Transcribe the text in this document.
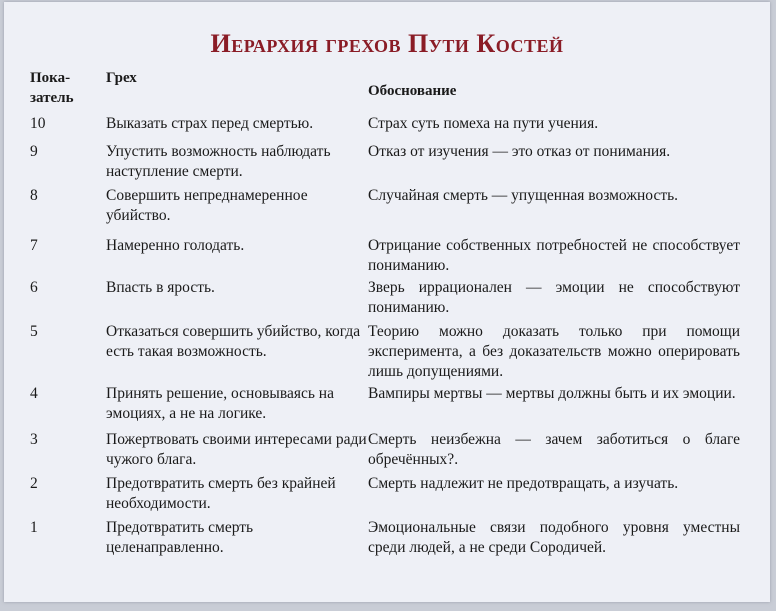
Иерархия грехов Пути Костей
Пока-
затель	Грех	Обоснование
10	Выказать страх перед смертью.	Страх суть помеха на пути учения.
9	Упустить возможность наблюдать наступление смерти.	Отказ от изучения — это отказ от понимания.
8	Совершить непреднамеренное убийство.	Случайная смерть — упущенная возможность.
7	Намеренно голодать.	Отрицание собственных потребностей не способствует пониманию.
6	Впасть в ярость.	Зверь иррационален — эмоции не способствуют пониманию.
5	Отказаться совершить убийство, когда есть такая возможность.	Теорию можно доказать только при помощи эксперимента, а без доказательств можно оперировать лишь допущениями.
4	Принять решение, основываясь на эмоциях, а не на логике.	Вампиры мертвы — мертвы должны быть и их эмоции.
3	Пожертвовать своими интересами ради чужого блага.	Смерть неизбежна — зачем заботиться о благе обречённых?.
2	Предотвратить смерть без крайней необходимости.	Смерть надлежит не предотвращать, а изучать.
1	Предотвратить смерть целенаправленно.	Эмоциональные связи подобного уровня уместны среди людей, а не среди Сородичей.
